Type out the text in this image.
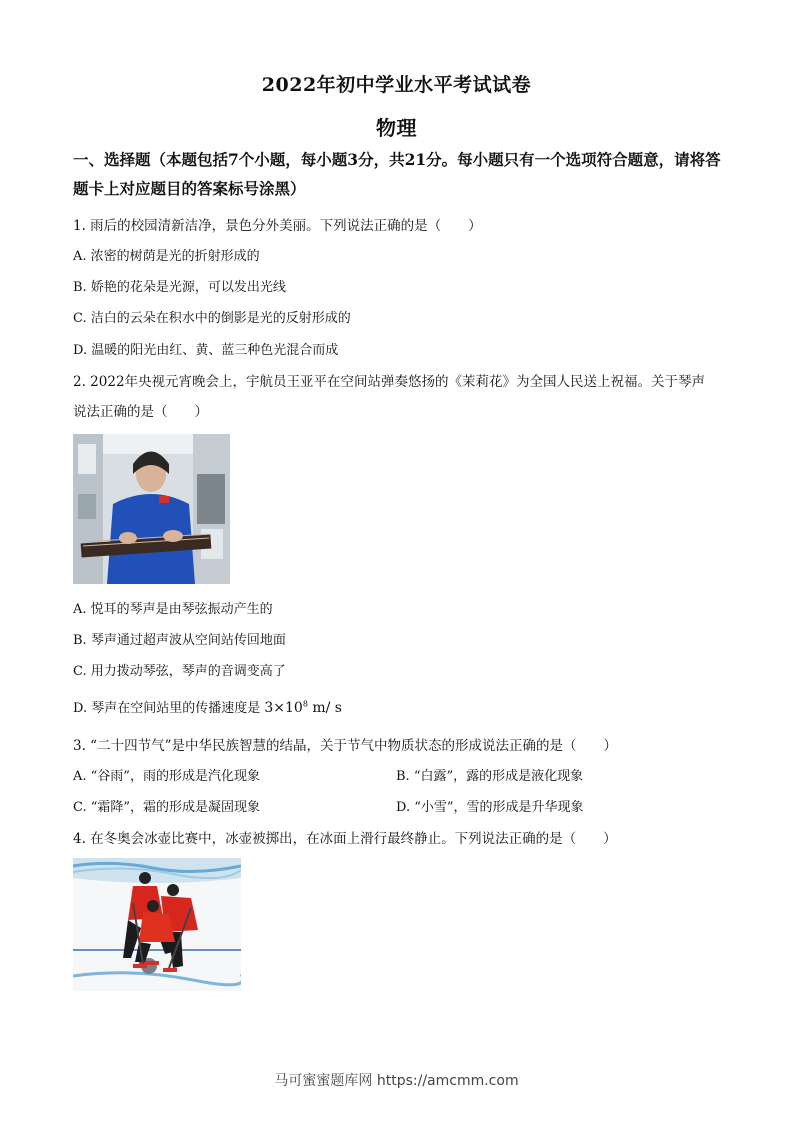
2022年初中学业水平考试试卷
物理
一、选择题（本题包括7个小题，每小题3分，共21分。每小题只有一个选项符合题意，请将答题卡上对应题目的答案标号涂黑）
1. 雨后的校园清新洁净，景色分外美丽。下列说法正确的是（　　）
A. 浓密的树荫是光的折射形成的
B. 娇艳的花朵是光源，可以发出光线
C. 洁白的云朵在积水中的倒影是光的反射形成的
D. 温暖的阳光由红、黄、蓝三种色光混合而成
2. 2022年央视元宵晚会上，宇航员王亚平在空间站弹奏悠扬的《茉莉花》为全国人民送上祝福。关于琴声
说法正确的是（　　）
A. 悦耳的琴声是由琴弦振动产生的
B. 琴声通过超声波从空间站传回地面
C. 用力拨动琴弦，琴声的音调变高了
D. 琴声在空间站里的传播速度是 $3\times 10^8$ m/ s
3. “二十四节气”是中华民族智慧的结晶，关于节气中物质状态的形成说法正确的是（　　）
A. “谷雨”，雨的形成是汽化现象	B. “白露”，露的形成是液化现象
C. “霜降”，霜的形成是凝固现象	D. “小雪”，雪的形成是升华现象
4. 在冬奥会冰壶比赛中，冰壶被掷出，在冰面上滑行最终静止。下列说法正确的是（　　）
马可蜜蜜题库网 https://amcmm.com
